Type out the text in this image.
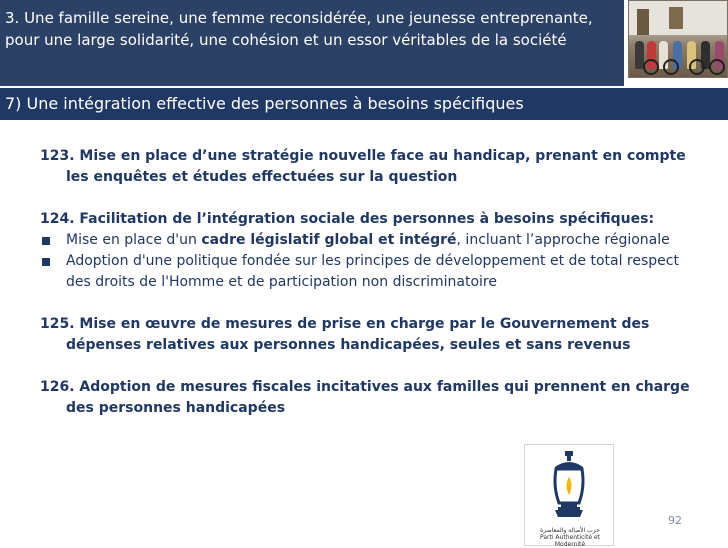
3. Une famille sereine, une femme reconsidérée, une jeunesse entreprenante, pour une large solidarité, une cohésion et un essor véritables de la société
7) Une intégration effective des personnes à besoins spécifiques
123. Mise en place d’une stratégie nouvelle face au handicap, prenant en compte les enquêtes et études effectuées sur la question
124. Facilitation de l’intégration sociale des personnes à besoins spécifiques:
Mise en place d'un cadre législatif global et intégré, incluant l’approche régionale
Adoption d'une politique fondée sur les principes de développement et de total respect des droits de l'Homme et de participation non discriminatoire
125. Mise en œuvre de mesures de prise en charge par le Gouvernement des dépenses relatives aux personnes handicapées, seules et sans revenus
126. Adoption de mesures fiscales incitatives aux familles qui prennent en charge des personnes handicapées
حزب الأصالة والمعاصرة
Parti Authenticité et Modernité
92
